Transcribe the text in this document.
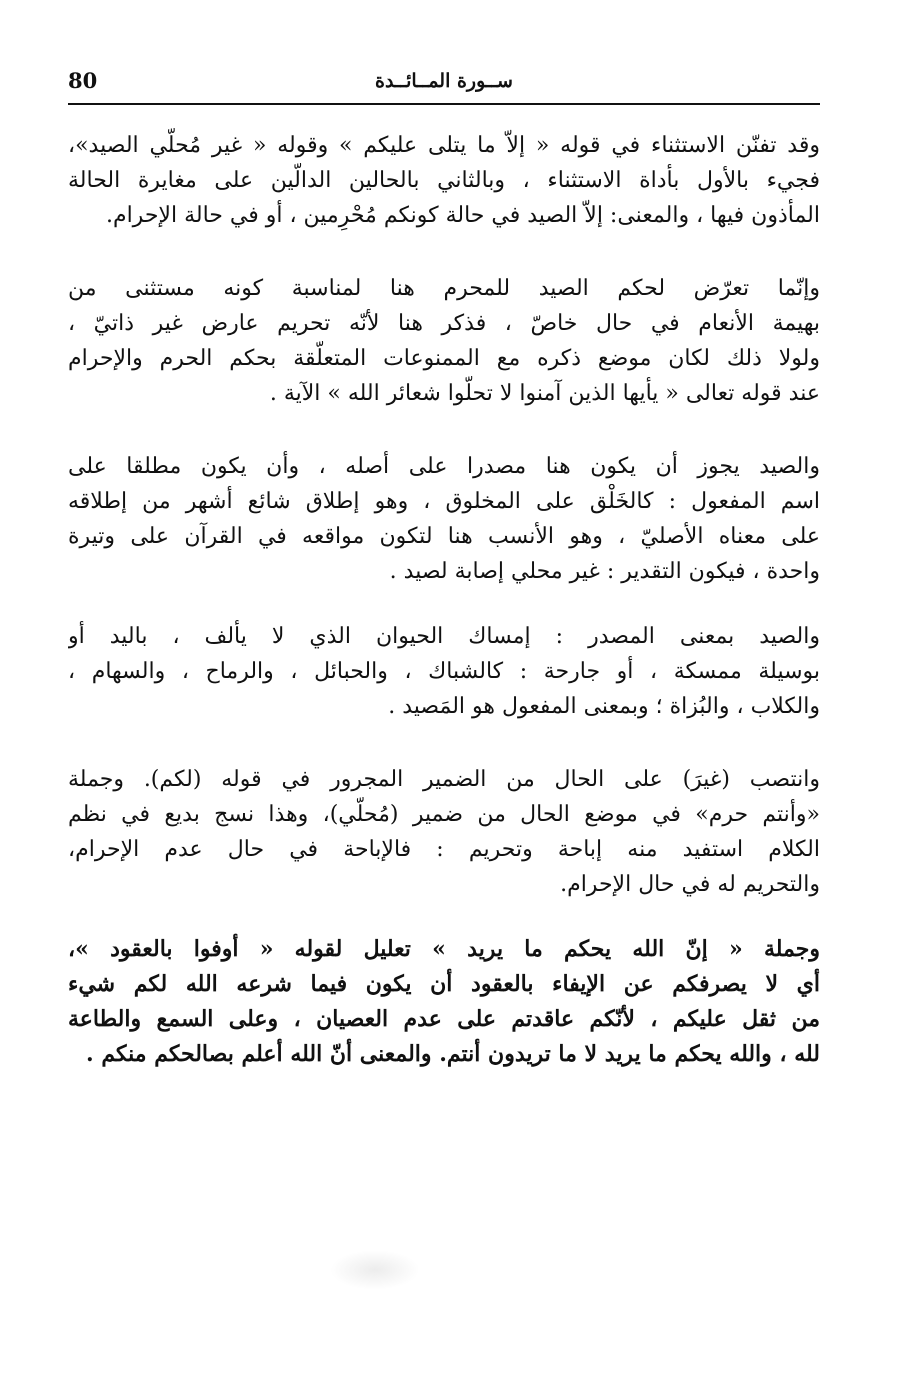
80	ســورة المــائــدة
وقد تفنّن الاستثناء في قوله « إلاّ ما يتلى عليكم » وقوله « غير مُحلّي الصيد»،
فجيء بالأول بأداة الاستثناء ، وبالثاني بالحالين الدالّين على مغايرة الحالة
المأذون فيها ، والمعنى: إلاّ الصيد في حالة كونكم مُحْرِمين ، أو في حالة الإحرام.
وإنّما تعرّض لحكم الصيد للمحرم هنا لمناسبة كونه مستثنى من
بهيمة الأنعام في حال خاصّ ، فذكر هنا لأنّه تحريم عارض غير ذاتيّ ،
ولولا ذلك لكان موضع ذكره مع الممنوعات المتعلّقة بحكم الحرم والإحرام
عند قوله تعالى « يأيها الذين آمنوا لا تحلّوا شعائر الله » الآية .
والصيد يجوز أن يكون هنا مصدرا على أصله ، وأن يكون مطلقا على
اسم المفعول : كالخَلْق على المخلوق ، وهو إطلاق شائع أشهر من إطلاقه
على معناه الأصليّ ، وهو الأنسب هنا لتكون مواقعه في القرآن على وتيرة
واحدة ، فيكون التقدير : غير محلي إصابة لصيد .
والصيد بمعنى المصدر : إمساك الحيوان الذي لا يألف ، باليد أو
بوسيلة ممسكة ، أو جارحة : كالشباك ، والحبائل ، والرماح ، والسهام ،
والكلاب ، والبُزاة ؛ وبمعنى المفعول هو المَصيد .
وانتصب (غيرَ) على الحال من الضمير المجرور في قوله (لكم). وجملة
«وأنتم حرم» في موضع الحال من ضمير (مُحلّي)، وهذا نسج بديع في نظم
الكلام استفيد منه إباحة وتحريم : فالإباحة في حال عدم الإحرام،
والتحريم له في حال الإحرام.
وجملة « إنّ الله يحكم ما يريد » تعليل لقوله « أوفوا بالعقود »،
أي لا يصرفكم عن الإيفاء بالعقود أن يكون فيما شرعه الله لكم شيء
من ثقل عليكم ، لأنّكم عاقدتم على عدم العصيان ، وعلى السمع والطاعة
لله ، والله يحكم ما يريد لا ما تريدون أنتم. والمعنى أنّ الله أعلم بصالحكم منكم .
